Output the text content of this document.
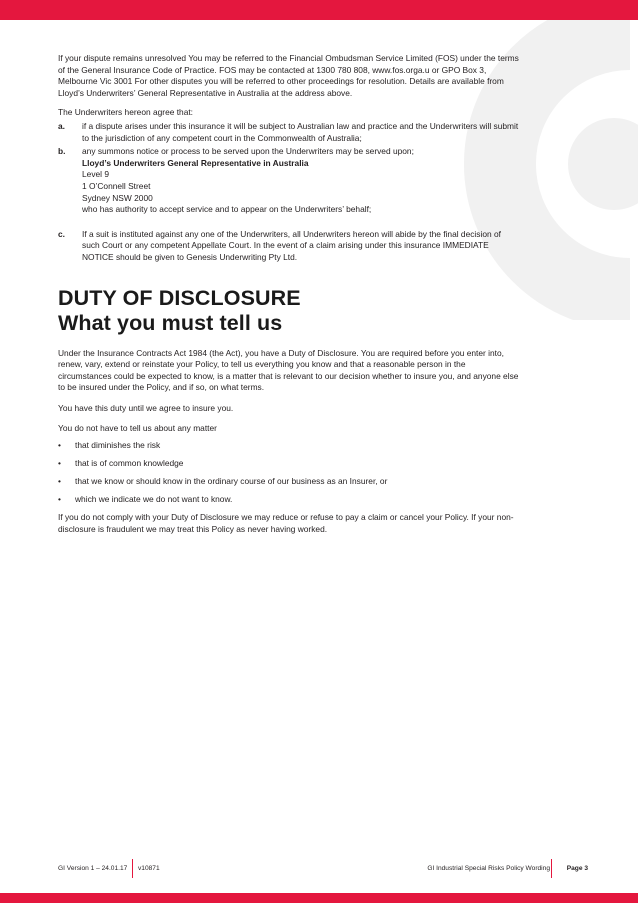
If your dispute remains unresolved You may be referred to the Financial Ombudsman Service Limited (FOS) under the terms of the General Insurance Code of Practice. FOS may be contacted at 1300 780 808, www.fos.orga.u or GPO Box 3, Melbourne Vic 3001 For other disputes you will be referred to other proceedings for resolution. Details are available from Lloyd’s Underwriters’ General Representative in Australia at the address above.

The Underwriters hereon agree that:

a.	if a dispute arises under this insurance it will be subject to Australian law and practice and the Underwriters will submit to the jurisdiction of any competent court in the Commonwealth of Australia;
b.	any summons notice or process to be served upon the Underwriters may be served upon;
Lloyd’s Underwriters General Representative in Australia
Level 9
1 O’Connell Street
Sydney NSW 2000
who has authority to accept service and to appear on the Underwriters’ behalf;
c.	If a suit is instituted against any one of the Underwriters, all Underwriters hereon will abide by the final decision of such Court or any competent Appellate Court. In the event of a claim arising under this insurance IMMEDIATE NOTICE should be given to Genesis Underwriting Pty Ltd.
DUTY OF DISCLOSURE
What you must tell us

Under the Insurance Contracts Act 1984 (the Act), you have a Duty of Disclosure. You are required before you enter into, renew, vary, extend or reinstate your Policy, to tell us everything you know and that a reasonable person in the circumstances could be expected to know, is a matter that is relevant to our decision whether to insure you, and anyone else to be insured under the Policy, and if so, on what terms.

You have this duty until we agree to insure you.

You do not have to tell us about any matter

•	that diminishes the risk
•	that is of common knowledge
•	that we know or should know in the ordinary course of our business as an Insurer, or
•	which we indicate we do not want to know.

If you do not comply with your Duty of Disclosure we may reduce or refuse to pay a claim or cancel your Policy. If your non-disclosure is fraudulent we may treat this Policy as never having worked.

GI Version 1 – 24.01.17 v10871	GI Industrial Special Risks Policy Wording	Page 3
